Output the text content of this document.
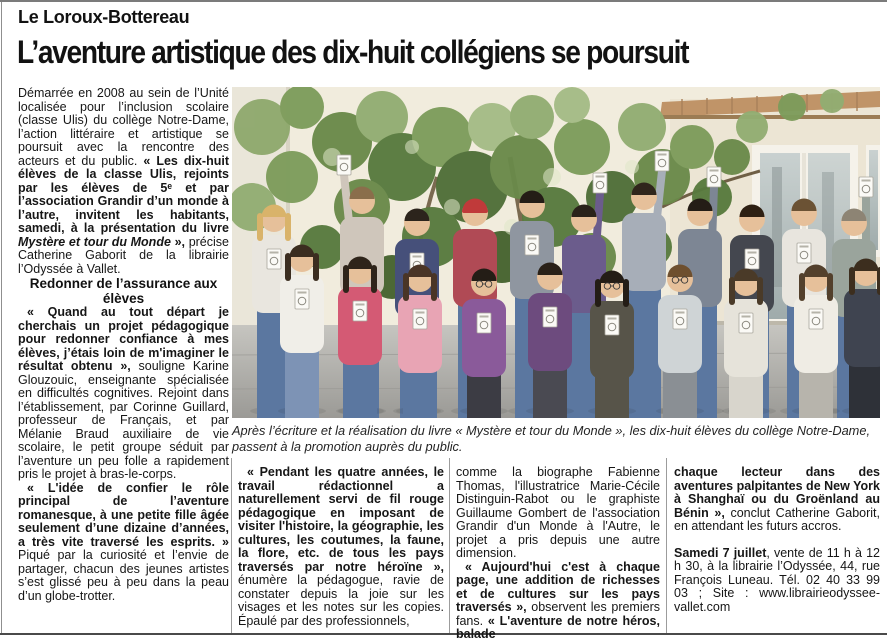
Le Loroux-Bottereau
L’aventure artistique des dix-huit collégiens se poursuit

Démarrée en 2008 au sein de l’Unité localisée pour l’inclusion scolaire (classe Ulis) du collège Notre-Dame, l’action littéraire et artistique se poursuit avec la rencontre des acteurs et du public. « Les dix-huit élèves de la classe Ulis, rejoints par les élèves de 5ᵉ et par l’association Grandir d’un monde à l’autre, invitent les habitants, samedi, à la présentation du livre Mystère et tour du Monde », précise Catherine Gaborit de la librairie l’Odyssée à Vallet.

Redonner de l’assurance aux élèves

« Quand au tout départ je cherchais un projet pédagogique pour redonner confiance à mes élèves, j’étais loin de m'imaginer le résultat obtenu », souligne Karine Glouzouic, enseignante spécialisée en difficultés cognitives. Rejoint dans l’établissement, par Corinne Guillard, professeur de Français, et par Mélanie Braud auxiliaire de vie scolaire, le petit groupe séduit par l’aventure un peu folle a rapidement pris le projet à bras-le-corps.

« L'idée de confier le rôle principal de l’aventure romanesque, à une petite fille âgée seulement d’une dizaine d’années, a très vite traversé les esprits. » Piqué par la curiosité et l’envie de partager, chacun des jeunes artistes s’est glissé peu à peu dans la peau d’un globe-trotter.

Après l’écriture et la réalisation du livre « Mystère et tour du Monde », les dix-huit élèves du collège Notre-Dame, passent à la promotion auprès du public.

« Pendant les quatre années, le travail rédactionnel a naturellement servi de fil rouge pédagogique en imposant de visiter l'histoire, la géographie, les cultures, les coutumes, la faune, la flore, etc. de tous les pays traversés par notre héroïne », énumère la pédagogue, ravie de constater depuis la joie sur les visages et les notes sur les copies. Épaulé par des professionnels,

comme la biographe Fabienne Thomas, l'illustratrice Marie-Cécile Distinguin-Rabot ou le graphiste Guillaume Gombert de l'association Grandir d'un Monde à l'Autre, le projet a pris depuis une autre dimension.

« Aujourd'hui c'est à chaque page, une addition de richesses et de cultures sur les pays traversés », observent les premiers fans. « L'aventure de notre héros, balade

chaque lecteur dans des aventures palpitantes de New York à Shanghaï ou du Groënland au Bénin », conclut Catherine Gaborit, en attendant les futurs accros.

Samedi 7 juillet, vente de 11 h à 12 h 30, à la librairie l’Odyssée, 44, rue François Luneau. Tél. 02 40 33 99 03 ; Site : www.librairieodyssee-vallet.com
